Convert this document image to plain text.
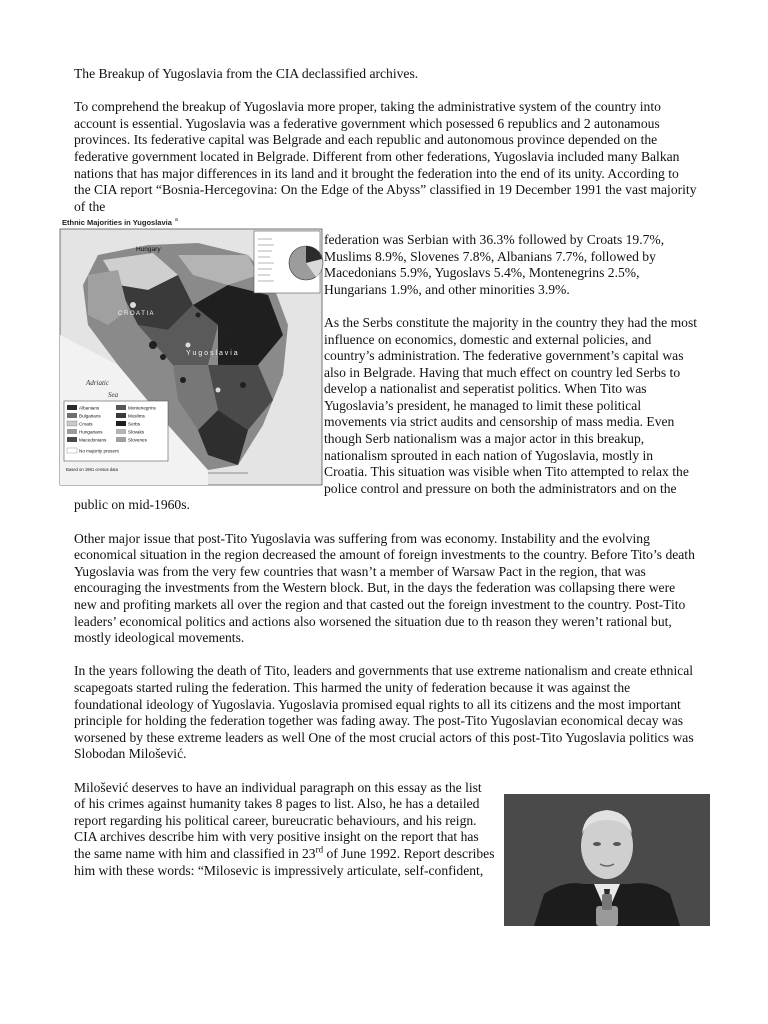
The Breakup of Yugoslavia from the CIA declassified archives.

To comprehend the breakup of Yugoslavia more proper, taking the administrative system of the country into account is essential. Yugoslavia was a federative government which posessed 6 republics and 2 autonamous provinces. Its federative capital was Belgrade and each republic and autonomous province depended on the federative government located in Belgrade. Different from other federations, Yugoslavia included many Balkan nations that has major differences in its land and it brought the federation into the end of its unity. According to the CIA report “Bosnia-Hercegovina: On the Edge of the Abyss” classified in 19 December 1991 the vast majority of the

Ethnic Majorities in Yugoslavia a
Hungary
C R O A T I A
Y u g o s l a v i a
Adriatic
Sea
Albanians
Bulgarians
Croats
Hungarians
Macedonians
Montenegrins
Muslims
Serbs
Slovaks
Slovenes
No majority present
Based on 1981 census data

federation was Serbian with 36.3% followed by Croats 19.7%, Muslims 8.9%, Slovenes 7.8%, Albanians 7.7%, followed by Macedonians 5.9%, Yugoslavs 5.4%, Montenegrins 2.5%, Hungarians 1.9%, and other minorities 3.9%.

As the Serbs constitute the majority in the country they had the most influence on economics, domestic and external policies, and country’s administration. The federative government’s capital was also in Belgrade. Having that much effect on country led Serbs to develop a nationalist and seperatist politics. When Tito was Yugoslavia’s president, he managed to limit these political movements via strict audits and censorship of mass media. Even though Serb nationalism was a major actor in this breakup, nationalism sprouted in each nation of Yugoslavia, mostly in Croatia. This situation was visible when Tito attempted to relax the police control and pressure on both the administrators and on the public on mid-1960s.

Other major issue that post-Tito Yugoslavia was suffering from was economy. Instability and the evolving economical situation in the region decreased the amount of foreign investments to the country. Before Tito’s death Yugoslavia was from the very few countries that wasn’t a member of Warsaw Pact in the region, that was encouraging the investments from the Western block. But, in the days the federation was collapsing there were new and profiting markets all over the region and that casted out the foreign investment to the country. Post-Tito leaders’ economical politics and actions also worsened the situation due to th reason they weren’t rational but, mostly ideological movements.

In the years following the death of Tito, leaders and governments that use extreme nationalism and create ethnical scapegoats started ruling the federation. This harmed the unity of federation because it was against the foundational ideology of Yugoslavia. Yugoslavia promised equal rights to all its citizens and the most important principle for holding the federation together was fading away. The post-Tito Yugoslavian economical decay was worsened by these extreme leaders as well One of the most crucial actors of this post-Tito Yugoslavia politics was Slobodan Milošević.

Milošević deserves to have an individual paragraph on this essay as the list of his crimes against humanity takes 8 pages to list. Also, he has a detailed report regarding his political career, bureucratic behaviours, and his reign. CIA archives describe him with very positive insight on the report that has the same name with him and classified in 23rd of June 1992. Report describes him with these words: “Milosevic is impressively articulate, self-confident,
